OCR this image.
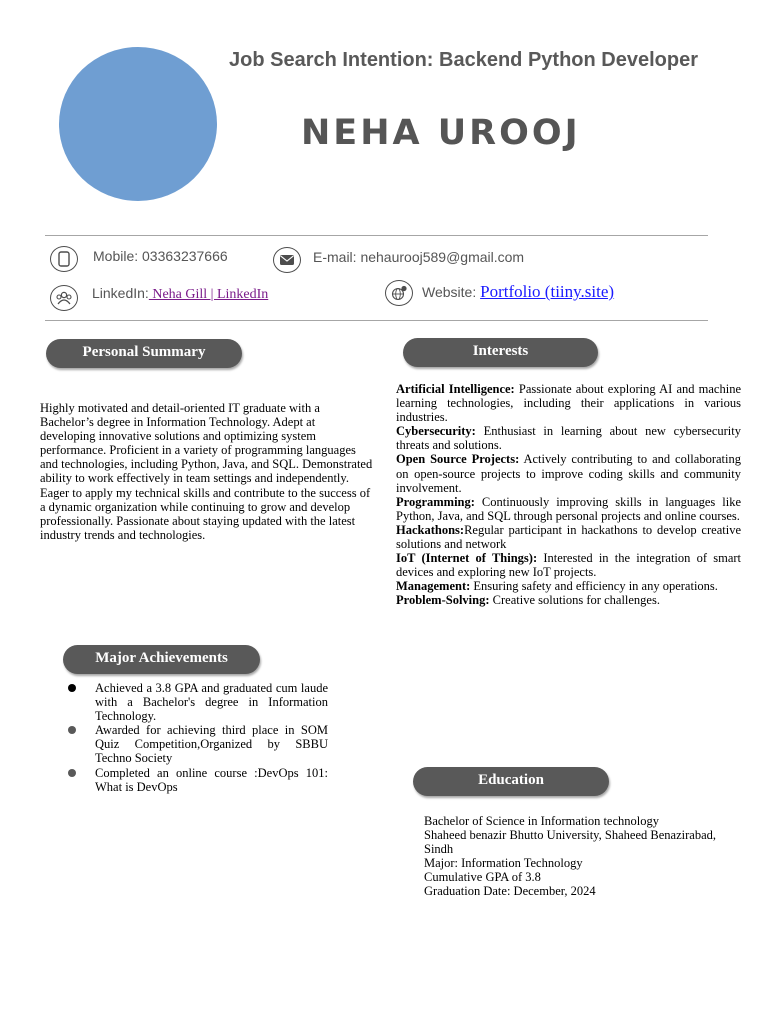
Job Search Intention: Backend Python Developer
NEHA UROOJ
Mobile: 03363237666	E-mail: nehaurooj589@gmail.com
LinkedIn: Neha Gill | LinkedIn	Website: Portfolio (tiiny.site)
Personal Summary	Interests
Highly motivated and detail-oriented IT graduate with a Bachelor’s degree in Information Technology. Adept at developing innovative solutions and optimizing system performance. Proficient in a variety of programming languages and technologies, including Python, Java, and SQL. Demonstrated ability to work effectively in team settings and independently. Eager to apply my technical skills and contribute to the success of a dynamic organization while continuing to grow and develop professionally. Passionate about staying updated with the latest industry trends and technologies.

Artificial Intelligence: Passionate about exploring AI and machine learning technologies, including their applications in various industries.

Cybersecurity: Enthusiast in learning about new cybersecurity threats and solutions.

Open Source Projects: Actively contributing to and collaborating on open-source projects to improve coding skills and community involvement.

Programming: Continuously improving skills in languages like Python, Java, and SQL through personal projects and online courses.

Hackathons:Regular participant in hackathons to develop creative solutions and network

IoT (Internet of Things): Interested in the integration of smart devices and exploring new IoT projects.

Management: Ensuring safety and efficiency in any operations.

Problem-Solving: Creative solutions for challenges.

Major Achievements
Achieved a 3.8 GPA and graduated cum laude with a Bachelor's degree in Information Technology.
Awarded for achieving third place in SOM Quiz Competition,Organized by SBBU Techno Society
Completed an online course :DevOps 101: What is DevOps	Education

Bachelor of Science in Information technology

Shaheed benazir Bhutto University, Shaheed Benazirabad, Sindh

Major: Information Technology

Cumulative GPA of 3.8

Graduation Date: December, 2024
